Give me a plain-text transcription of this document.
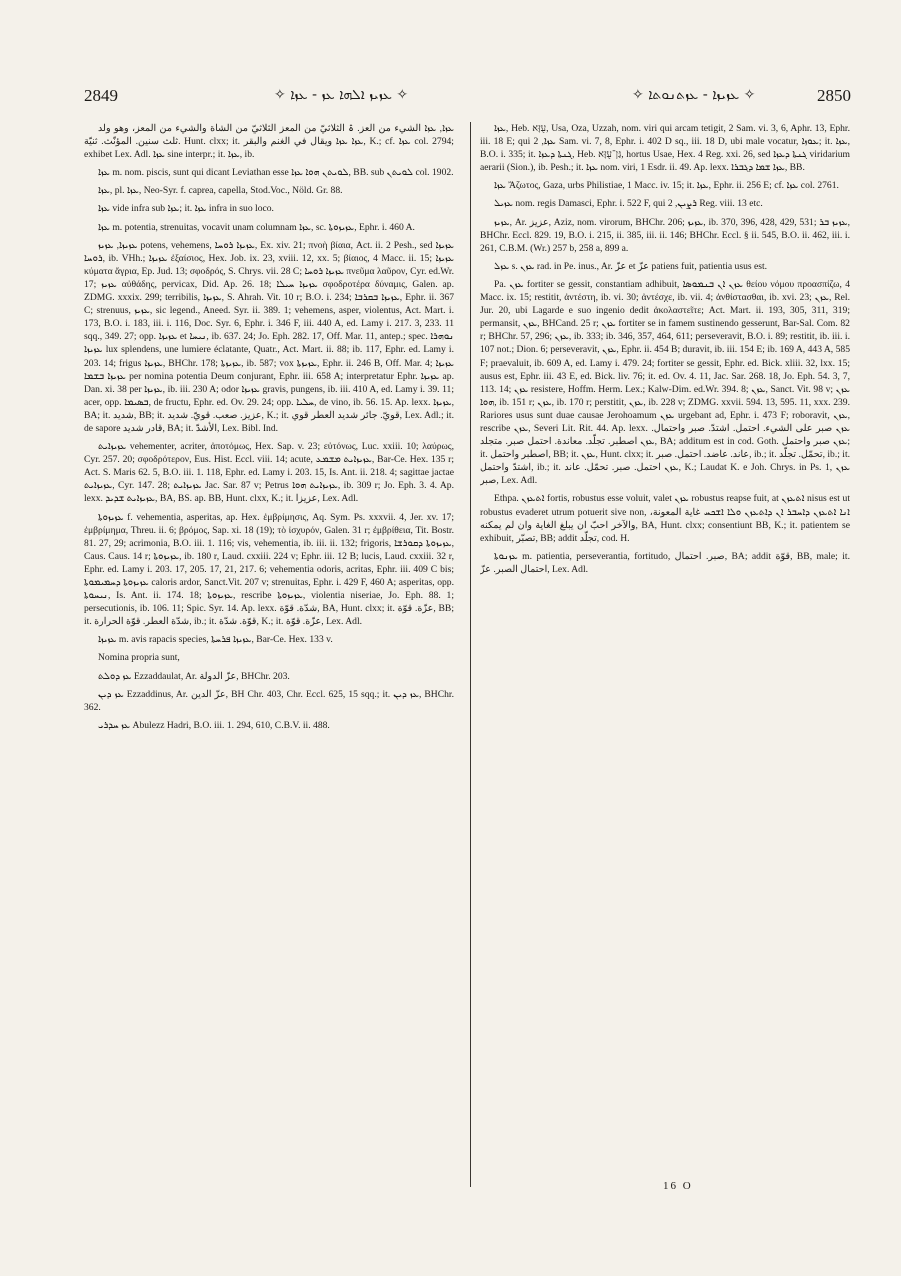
2849	✧ ܥܙܝܙ ܐܠܗܐ ܥܙ - ܥܙܐ ✧	✧ ܥܙܝܙܐ - ܥܙܬܢܘܬܐ ✧	2850

ܥܙܐ, ܥܙܐ الشيء من العز. ۃ الثلاثيّ من المعز الثلاثيّ من الشاة والشيء من المعز، وهو ولد ثلث سنين. المؤنّث. ثنيّة. Hunt. clxx; it. ܥܙܐ ܥܙܐ ويقال في الغنم والبقر, K.; cf. ܥܙܐ col. 2794; exhibet Lex. Adl. ܥܙܐ sine interpr.; it. ܥܙܐ, ib.

ܥܙܐ m. nom. piscis, sunt qui dicant Leviathan esse ܠܘܝܬܢ ܗܘܐ ܥܙܐ, BB. sub ܠܘܝܬܢ col. 1902.

ܥܙܐ, pl. ܥܙܐ, Neo-Syr. f. caprea, capella, Stod.Voc., Nöld. Gr. 88.

ܥܙܐ vide infra sub ܥܙܐ; it. ܥܙܐ infra in suo loco.

ܥܙܐ m. potentia, strenuitas, vocavit unam columnam ܥܙܐ, sc. ܥܙܝܙܘܬܐ, Ephr. i. 460 A.

ܥܙܝܙܐ, ܥܙܝܙ potens, vehemens, ܥܙܝܙܐ ܪܘܚܐ, Ex. xiv. 21; πνοὴ βίαια, Act. ii. 2 Pesh., sed ܥܙܝܙܐ ܪܘܚܐ, ib. VHh.; ܥܙܝܙܐ ἐξαίσιος, Hex. Job. ix. 23, xviii. 12, xx. 5; βίαιος, 4 Macc. ii. 15; ܥܙܝܙܐ κύματα ἄγρια, Ep. Jud. 13; σφοδρός, S. Chrys. vii. 28 C; ܥܙܝܙܐ ܪܘܚܐ πνεῦμα λαῦρον, Cyr. ed.Wr. 17; ܥܙܝܙ αὐθάδης, pervicax, Did. Ap. 26. 18; ܥܙܝܙܐ ܚܝܠܐ σφοδροτέρα δύναμις, Galen. ap. ZDMG. xxxix. 299; terribilis, ܥܙܝܙܐ, S. Ahrah. Vit. 10 r; B.O. i. 234; ܥܙܝܙܐ ܒܩܪܒܐ, Ephr. ii. 367 C; strenuus, ܥܙܝܙ, sic legend., Aneed. Syr. ii. 389. 1; vehemens, asper, violentus, Act. Mart. i. 173, B.O. i. 183, iii. i. 116, Doc. Syr. 6, Ephr. i. 346 F, iii. 440 A, ed. Lamy i. 217. 3, 233. 11 sqq., 349. 27; opp. ܥܙܝܙܐ et ܢܝܚܐ, ib. 637. 24; Jo. Eph. 282. 17, Off. Mar. 11, antep.; spec. ܢܘܗܪܐ ܥܙܝܙܐ lux splendens, une lumiere éclatante, Quatr., Act. Mart. ii. 88; ib. 117, Ephr. ed. Lamy i. 203. 14; frigus ܥܙܝܙܐ, BHChr. 178; ܥܙܝܙܬܐ, ib. 587; vox ܥܙܝܙܬܐ, Ephr. ii. 246 B, Off. Mar. 4; ܥܙܝܙܐ ܥܙܝܙܐ ܒܫܡܐ per nomina potentia Deum conjurant, Ephr. iii. 658 A; interpretatur Ephr. ܥܙܝܙܐ ap. Dan. xi. 38 per ܥܙܝܙܐ, ib. iii. 230 A; odor ܥܙܝܙܐ gravis, pungens, ib. iii. 410 A, ed. Lamy i. 39. 11; acer, opp. ܒܣܝܡܐ, de fructu, Ephr. ed. Ov. 29. 24; opp. ܚܠܝܐ, de vino, ib. 56. 15. Ap. lexx. ܥܙܝܙܐ, BA; it. شديد, BB; it. عزيز. صعب. قويّ. شديد, K.; it. قويّ. جائر شديد العطر قوي, Lex. Adl.; it. de sapore قادر شديد, BA; it. الأشدّ, Lex. Bibl. Ind.

ܥܙܝܙܐܝܬ vehementer, acriter, ἀποτόμως, Hex. Sap. v. 23; εὐτόνως, Luc. xxiii. 10; λαύρως, Cyr. 257. 20; σφοδρότερον, Eus. Hist. Eccl. viii. 14; acute, ܥܙܝܙܐܝܬ ܡܫܡܥ, Bar-Ce. Hex. 135 r; Act. S. Maris 62. 5, B.O. iii. 1. 118, Ephr. ed. Lamy i. 203. 15, Is. Ant. ii. 218. 4; sagittae jactae ܥܙܝܙܐܝܬ, Cyr. 147. 28; ܥܙܝܙܐܝܬ Jac. Sar. 87 v; Petrus ܥܙܝܙܐܝܬ ܗܘܐ, ib. 309 r; Jo. Eph. 3. 4. Ap. lexx. ܥܙܝܙܐܝܬ ܫܕܝܕ, BA, BS. ap. BB, Hunt. clxx, K.; it. عزيزا, Lex. Adl.

ܥܙܝܙܘܬܐ f. vehementia, asperitas, ap. Hex. ἐμβρίμησις, Aq. Sym. Ps. xxxvii. 4, Jer. xv. 17; ἐμβρίμημα, Threu. ii. 6; βρόμος, Sap. xi. 18 (19); τὸ ἰσχυρόν, Galen. 31 r; ἐμβρίθεια, Tit. Bostr. 81. 27, 29; acrimonia, B.O. iii. 1. 116; vis, vehementia, ib. iii. ii. 132; frigoris, ܥܙܝܙܘܬܐ ܕܩܘܪܫܐ, Caus. Caus. 14 r; ܥܙܝܙܘܬܐ, ib. 180 r, Laud. cxxiii. 224 v; Ephr. iii. 12 B; lucis, Laud. cxxiii. 32 r, Ephr. ed. Lamy i. 203. 17, 205. 17, 21, 217. 6; vehementia odoris, acritas, Ephr. iii. 409 C bis; ܥܙܝܙܘܬܐ ܕܚܡܝܡܘܬܐ caloris ardor, Sanct.Vit. 207 v; strenuitas, Ephr. i. 429 F, 460 A; asperitas, opp. ܢܝܚܘܬܐ, Is. Ant. ii. 174. 18; ܥܙܝܙܘܬܐ, rescribe ܥܙܝܙܘܬܐ, violentia niseriae, Jo. Eph. 88. 1; persecutionis, ib. 106. 11; Spic. Syr. 14. Ap. lexx. شدّة. قوّة, BA, Hunt. clxx; it. عزّة. قوّة, BB; it. شدّة العطر. قوّة الحرارة, ib.; it. قوّة. شدّة, K.; it. عزّة. قوّة, Lex. Adl.

ܥܙܝܙܐ m. avis rapacis species, ܥܙܝܙܐ ܦܪܚܬܐ, Bar-Ce. Hex. 133 v.

Nomina propria sunt,

ܥܙ ܕܘܠܬ Ezzaddaulat, Ar. عزّ الدولة, BHChr. 203.

ܥܙ ܕܝܢ Ezzaddinus, Ar. عزّ الدين, BH Chr. 403, Chr. Eccl. 625, 15 sqq.; it. ܥܙ ܕܝܢ, BHChr. 362.

ܥܙ ܚܕܪܝ Abulezz Hadri, B.O. iii. 1. 294, 610, C.B.V. ii. 488.

ܥܙܐ, Heb. עֻזָּא, Usa, Oza, Uzzah, nom. viri qui arcam tetigit, 2 Sam. vi. 3, 6, Aphr. 13, Ephr. iii. 18 E; qui ܥܙܐ, 2 Sam. vi. 7, 8, Ephr. i. 402 D sq., iii. 18 D, ubi male vocatur, ܥܘܙܐ; it. ܥܙܐ, B.O. i. 335; it. ܓܢܬܐ ܕܥܙܐ, Heb. גַּן־עֻזָּא, hortus Usae, Hex. 4 Reg. xxi. 26, sed ܓܢܬܐ ܕܥܙܐ viridarium aerarii (Sion.), ib. Pesh.; it. ܥܙܐ nom. viri, 1 Esdr. ii. 49. Ap. lexx. ܥܙܐ ܫܡܐ ܕܓܒܪܐ, BB.

ܥܙܐ Ἄζωτος, Gaza, urbs Philistiae, 1 Macc. iv. 15; it. ܥܙܐ, Ephr. ii. 256 E; cf. ܥܙܐ col. 2761.

ܥܙܝܠ nom. regis Damasci, Ephr. i. 522 F, qui ܪܨܝܢ, 2 Reg. viii. 13 etc.

ܥܙܝܙ, Ar. عزيز, Aziz, nom. virorum, BHChr. 206; ܥܙܝܙ, ib. 370, 396, 428, 429, 531; ܥܙܝܙ ܒܪ, BHChr. Eccl. 829. 19, B.O. i. 215, ii. 385, iii. ii. 146; BHChr. Eccl. § ii. 545, B.O. ii. 462, iii. i. 261, C.B.M. (Wr.) 257 b, 258 a, 899 a.

ܥܙܠ s. ܥܙܢ rad. in Pe. inus., Ar. عزّ et عزّ patiens fuit, patientia usus est.

Pa. ܥܙܢ fortiter se gessit, constantiam adhibuit, ܥܙܢ ܐܢ ܒܢܡܘܣܐ θείου νόμου προασπίζω, 4 Macc. ix. 15; restitit, ἀντέστη, ib. vi. 30; ἀντέσχε, ib. vii. 4; ἀνθίστασθαι, ib. xvi. 23; ܥܙܢ, Rel. Jur. 20, ubi Lagarde e suo ingenio dedit ἀκολαστεῖτε; Act. Mart. ii. 193, 305, 311, 319; permansit, ܥܙܢ, BHCand. 25 r; ܥܙܢ fortiter se in famem sustinendo gesserunt, Bar-Sal. Com. 82 r; BHChr. 57, 296; ܥܙܢ, ib. 333; ib. 346, 357, 464, 611; perseveravit, B.O. i. 89; restitit, ib. iii. i. 107 not.; Dion. 6; perseveravit, ܥܙܢ, Ephr. ii. 454 B; duravit, ib. iii. 154 E; ib. 169 A, 443 A, 585 F; praevaluit, ib. 609 A, ed. Lamy i. 479. 24; fortiter se gessit, Ephr. ed. Bick. xliii. 32, lxx. 15; ausus est, Ephr. iii. 43 E, ed. Bick. liv. 76; it. ed. Ov. 4. 11, Jac. Sar. 268. 18, Jo. Eph. 54. 3, 7, 113. 14; ܥܙܢ resistere, Hoffm. Herm. Lex.; Kalw-Dim. ed.Wr. 394. 8; ܥܙܢ, Sanct. Vit. 98 v; ܥܙܢ ܗܘܐ, ib. 151 r; ܥܙܢ, ib. 170 r; perstitit, ܥܙܢ, ib. 228 v; ZDMG. xxvii. 594. 13, 595. 11, xxx. 239. Rariores usus sunt duae causae Jerohoamum ܥܙܢ urgebant ad, Ephr. i. 473 F; roboravit, ܥܙܢ, rescribe ܥܙܢ, Severi Lit. Rit. 44. Ap. lexx. ܥܙܢ صبر على الشيء. احتمل. اشتدّ. صبر واحتمال. ܥܙܢ اصطبر. تجلّد. معاندة. احتمل صبر. متجلد, BA; additum est in cod. Goth. ܥܙܢ صبر واحتمل; it. اصطبر واحتمل, BB; it. ܥܙܢ, Hunt. clxx; it. عاند. عاضد. احتمل. صبر, ib.; it. تحمّل. تجلّد, ib.; it. اشتدّ واحتمل, ib.; it. ܥܙܢ احتمل. صبر. تحمّل. عاند, K.; Laudat K. e Joh. Chrys. in Ps. 1, ܥܙܢ صبر, Lex. Adl.

Ethpa. ܐܬܥܙܢ fortis, robustus esse voluit, valet ܥܙܢ robustus reapse fuit, at ܐܬܥܙܢ nisus est ut robustus evaderet utrum potuerit sive non, ܐܢܐ ܐܬܥܙܢ ܕܐܚܒܪ ܐܢ ܕܐܬܥܙܢ ܘܠܐ ܐܫܟܚ غاية المعونة، والآخر احبّ ان يبلغ الغاية وان لم يمكنه, BA, Hunt. clxx; consentiunt BB, K.; it. patientem se exhibuit, تصبّر, BB; addit تجلّد, cod. H.

ܥܙܢܘܬܐ m. patientia, perseverantia, fortitudo, صبر. احتمال, BA; addit قوّة, BB, male; it. احتمال الصبر. عزّ, Lex. Adl.

16 O
